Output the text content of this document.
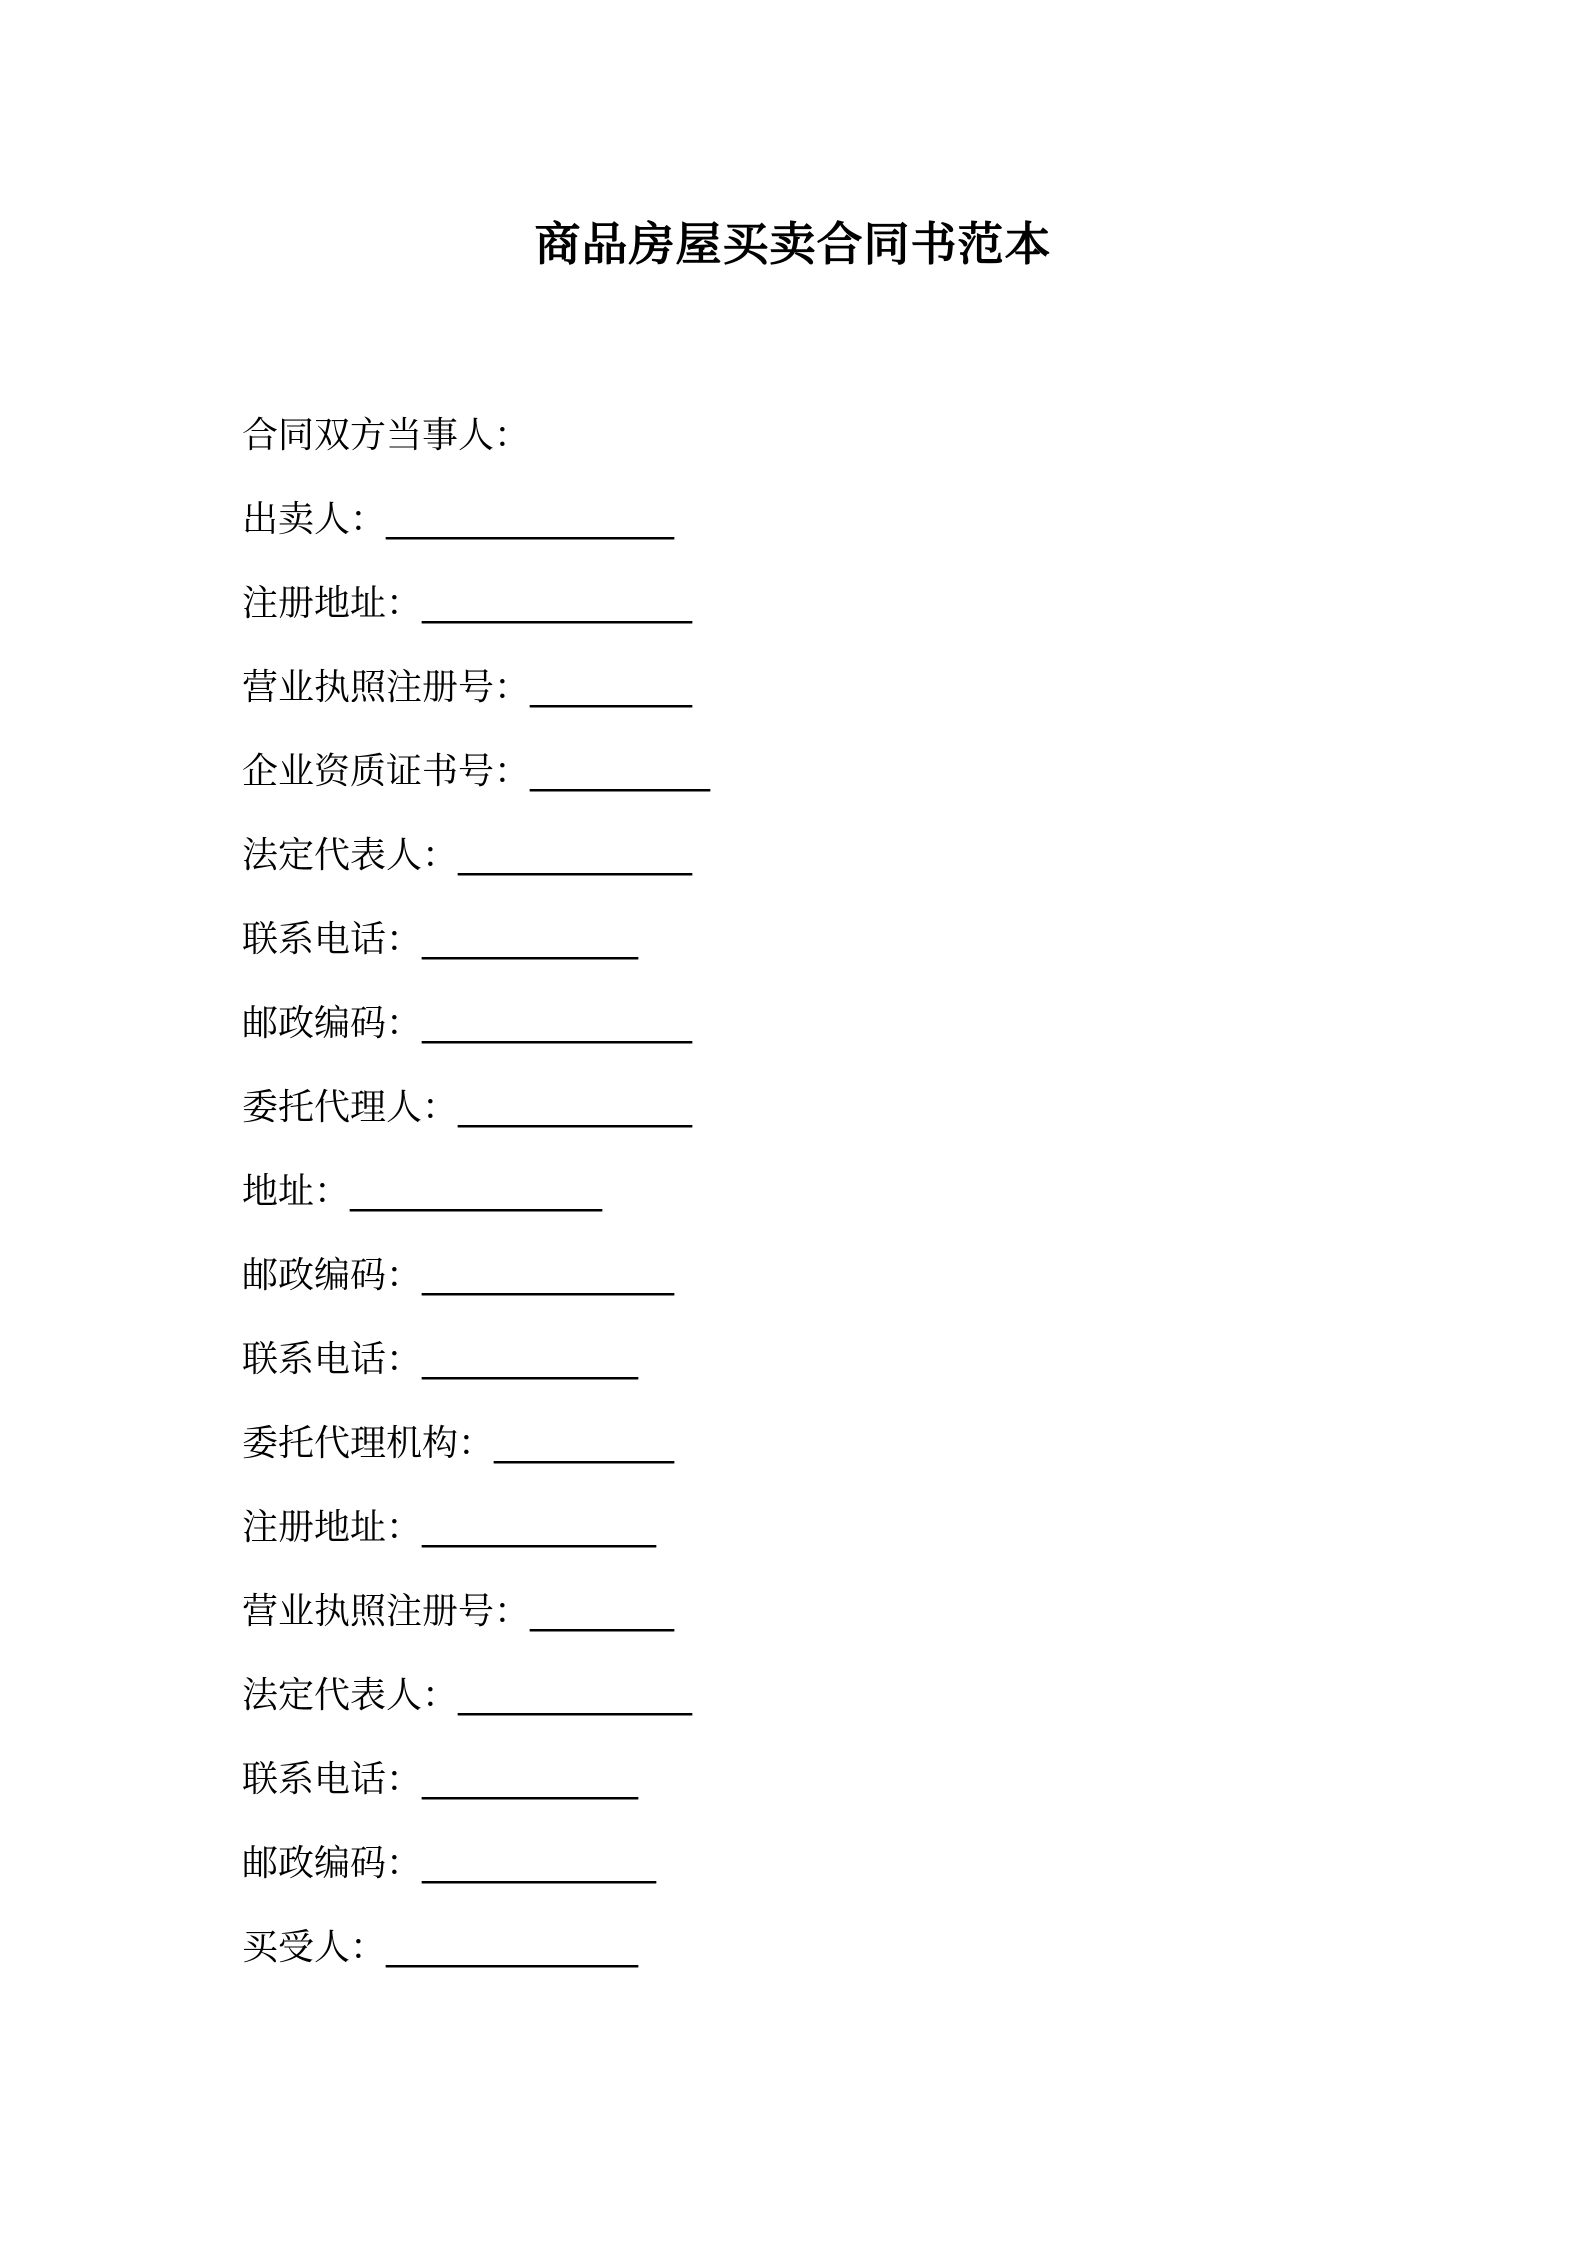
商品房屋买卖合同书范本
合同双方当事人：
出卖人：________________
注册地址：_______________
营业执照注册号：_________
企业资质证书号：__________
法定代表人：_____________
联系电话：____________
邮政编码：_______________
委托代理人：_____________
地址：______________
邮政编码：______________
联系电话：____________
委托代理机构：__________
注册地址：_____________
营业执照注册号：________
法定代表人：_____________
联系电话：____________
邮政编码：_____________
买受人：______________
